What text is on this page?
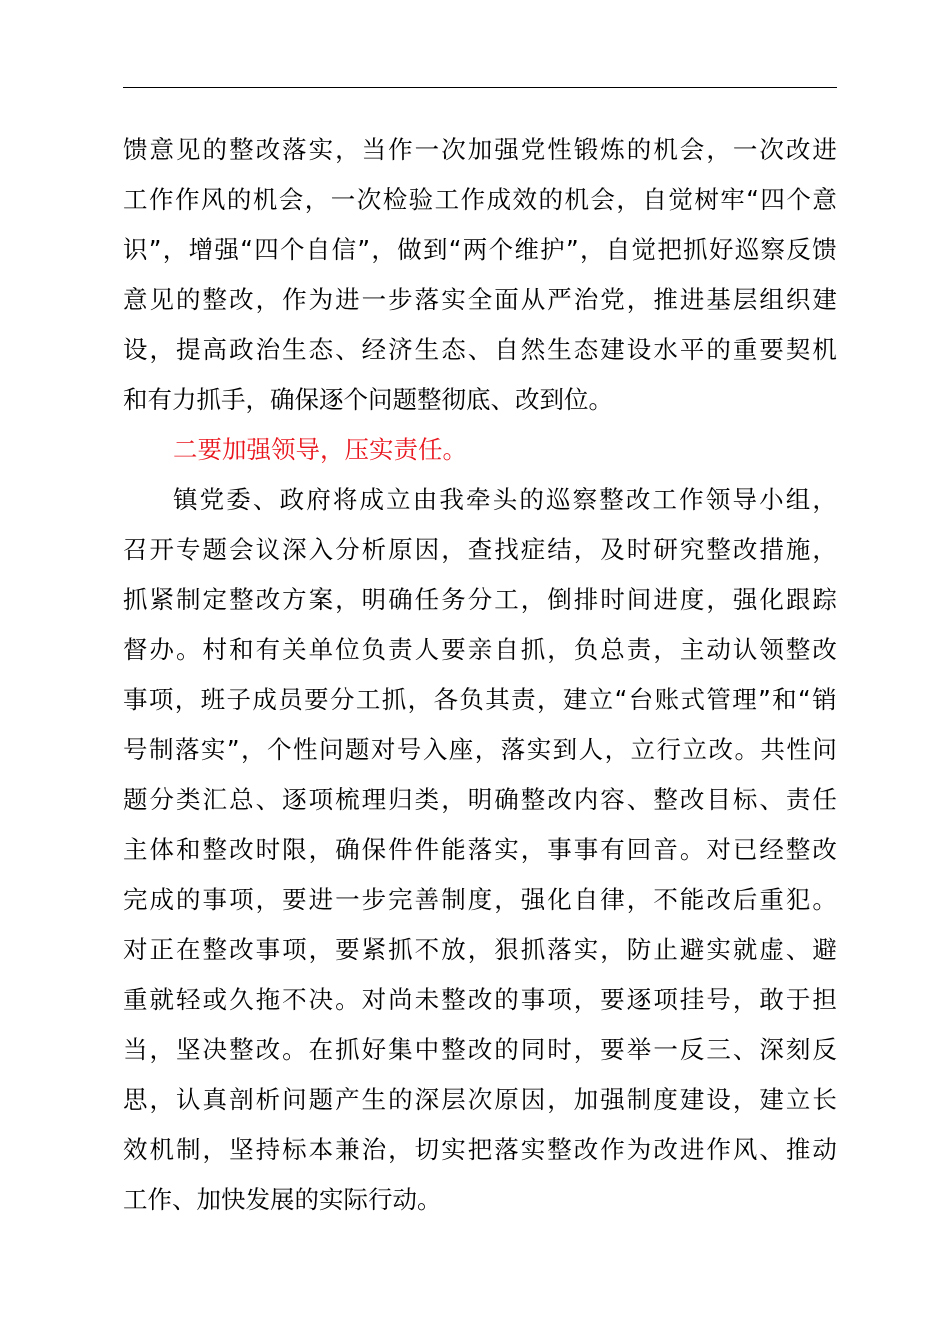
馈 意 见 的 整 改 落 实 ， 当 作 一 次 加 强 党 性 锻 炼 的 机 会 ， 一 次 改 进
工 作 作 风 的 机 会 ， 一 次 检 验 工 作 成 效 的 机 会 ， 自 觉 树 牢 “ 四 个 意
识 ” ， 增 强 “ 四 个 自 信 ” ， 做 到 “ 两 个 维 护 ” ， 自 觉 把 抓 好 巡 察 反 馈
意 见 的 整 改 ， 作 为 进 一 步 落 实 全 面 从 严 治 党 ， 推 进 基 层 组 织 建
设 ， 提 高 政 治 生 态 、 经 济 生 态 、 自 然 生 态 建 设 水 平 的 重 要 契 机
和有力抓手，确保逐个问题整彻底、改到位。
二要加强领导，压实责任。
镇 党 委 、 政 府 将 成 立 由 我 牵 头 的 巡 察 整 改 工 作 领 导 小 组 ，
召 开 专 题 会 议 深 入 分 析 原 因 ， 查 找 症 结 ， 及 时 研 究 整 改 措 施 ，
抓 紧 制 定 整 改 方 案 ， 明 确 任 务 分 工 ， 倒 排 时 间 进 度 ， 强 化 跟 踪
督 办 。 村 和 有 关 单 位 负 责 人 要 亲 自 抓 ， 负 总 责 ， 主 动 认 领 整 改
事 项 ， 班 子 成 员 要 分 工 抓 ， 各 负 其 责 ， 建 立 “ 台 账 式 管 理 ” 和 “ 销
号 制 落 实 ” ， 个 性 问 题 对 号 入 座 ， 落 实 到 人 ， 立 行 立 改 。 共 性 问
题 分 类 汇 总 、 逐 项 梳 理 归 类 ， 明 确 整 改 内 容 、 整 改 目 标 、 责 任
主 体 和 整 改 时 限 ， 确 保 件 件 能 落 实 ， 事 事 有 回 音 。 对 已 经 整 改
完 成 的 事 项 ， 要 进 一 步 完 善 制 度 ， 强 化 自 律 ， 不 能 改 后 重 犯 。
对 正 在 整 改 事 项 ， 要 紧 抓 不 放 ， 狠 抓 落 实 ， 防 止 避 实 就 虚 、 避
重 就 轻 或 久 拖 不 决 。 对 尚 未 整 改 的 事 项 ， 要 逐 项 挂 号 ， 敢 于 担
当 ， 坚 决 整 改 。 在 抓 好 集 中 整 改 的 同 时 ， 要 举 一 反 三 、 深 刻 反
思 ， 认 真 剖 析 问 题 产 生 的 深 层 次 原 因 ， 加 强 制 度 建 设 ， 建 立 长
效 机 制 ， 坚 持 标 本 兼 治 ， 切 实 把 落 实 整 改 作 为 改 进 作 风 、 推 动
工作、加快发展的实际行动。
